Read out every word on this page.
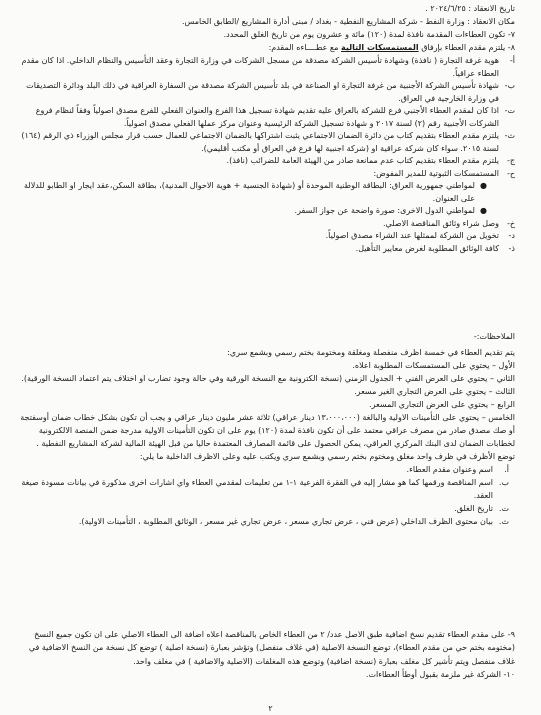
تاريخ الانعقاد : ٢٠٢٤/٦/٢٥ .
مكان الانعقاد : وزارة النفط - شركة المشاريع النفطية - بغداد / مبنى أدارة المشاريع /الطابق الخامس.
٧- تكون العطاءات المقدمة نافذة لمدة (١٢٠) مائة و عشرون يوم من تاريخ الغلق المحدد.
٨- يلتزم مقدم العطاء بإرفاق المستمسكات التالية مع عطــــاءه المقدم:
أ-
هوية غرفة التجارة ( نافذة) وشهادة تأسيس الشركة مصدقة من مسجل الشركات في وزارة التجارة وعقد التأسيس والنظام الداخلي. اذا كان مقدم العطاء عراقياً.
ب-
شهادة تأسيس الشركة الأجنبية من غرفة التجارة او الصناعة في بلد تأسيس الشركة مصدقة من السفارة العراقية في ذلك البلد ودائرة التصديقات في وزارة الخارجية في العراق.
ت-
اذا كان لمقدم العطاء الأجنبي فرع للشركة بالعراق عليه تقديم شهادة تسجيل هذا الفرع والعنوان الفعلي للفرع مصدق اصولياً وفقاً لنظام فروع الشركات الأجنبية رقم (٢) لسنة ٢٠١٧ و شهادة تسجيل الشركة الرئيسية وعنوان مركز عملها الفعلي مصدق اصولياً.
ث-
يلتزم مقدم العطاء بتقديم كتاب من دائرة الضمان الاجتماعي يثبت اشتراكها بالضمان الاجتماعي للعمال حسب قرار مجلس الوزراء ذي الرقم (١٦٤) لسنة ٢٠١٥. سواء كان شركة عراقية او (شركة اجنبية لها فرع في العراق أو مكتب أقليمي).
ج-
يلتزم مقدم العطاء بتقديم كتاب عدم ممانعة صادر من الهيئة العامة للضرائب (نافذ).
ح-
المستمسكات الثبوتية للمدير المفوض:
●
لمواطني جمهورية العراق: البطاقة الوطنية الموحدة أو (شهادة الجنسية + هوية الاحوال المدنية)، بطاقة السكن،عقد ايجار او الطابو للدلالة على العنوان.
●
لمواطني الدول الاخرى: صورة واضحة عن جواز السفر.
خ-
وصل شراء وثائق المناقصة الاصلي.
د-
تخويل من الشركة لممثلها عند الشراء مصدق اصولياً.
ذ-
كافة الوثائق المطلوبة لغرض معايير التأهيل.
الملاحظات:-

يتم تقديم العطاء في خمسة اظرف منفصلة ومغلقة ومختومة بختم رسمي وبشمع سري:

الأول – يحتوي على المستمسكات المطلوبة اعلاه.

الثاني – يحتوي على العرض الفني + الجدول الزمني (نسخة الكترونية مع النسخة الورقية وفي حالة وجود تضارب او اختلاف يتم اعتماد النسخة الورقية).

الثالث – يحتوي على العرض التجاري الغير مسعر.

الرابع – يحتوي على العرض التجاري المسعر.

الخامس – يحتوي على التأمينات الاولية والبالغة (١٣،٠٠٠،٠٠٠ دينار عراقي) ثلاثة عشر مليون دينار عراقي و يجب أن تكون بشكل خطاب ضمان أوسفتجة أو صك مصدق صادر من مصرف عراقي معتمد على أن تكون نافذة لمدة (١٢٠) يوم على ان تكون التأمينات الاولية مدرجة ضمن المنصة الالكترونية لخطابات الضمان لدى البنك المركزي العراقي، يمكن الحصول على قائمة المصارف المعتمدة حاليا من قبل الهيئة المالية لشركة المشاريع النفطية .

توضع الأظرف في ظرف واحد مغلق ومختوم بختم رسمي وبشمع سري ويكتب عليه وعلى الاظرف الداخلية ما يلي:

أ.
اسم وعنوان مقدم العطاء.
ب.
اسم المناقصة ورقمها كما هو مشار إليه في الفقرة الفرعية ١-١ من تعليمات لمقدمي العطاء واي اشارات اخرى مذكورة في بيانات مسودة صيغة العقد.
ت.
تاريخ الغلق.
ث.
بيان محتوى الظرف الداخلي (عرض فني ، عرض تجاري مسعر ، عرض تجاري غير مسعر ، الوثائق المطلوبة ، التأمينات الاولية).

٩- على مقدم العطاء تقديم نسخ اضافية طبق الاصل عدد/ ٢ من العطاء الخاص بالمناقصة اعلاه اضافة الى العطاء الاصلي على ان تكون جميع النسخ (مختومه بختم حي من مقدم العطاء)، توضع النسخة الاصلية (في غلاف منفصل) وتؤشر بعبارة (نسخة اصلية ) توضع كل نسخة من النسخ الاضافية في غلاف منفصل ويتم تأشير كل مغلف بعبارة (نسخة اضافية) وتوضع هذه المغلفات (الاصلية والاضافية ) في مغلف واحد.

١٠- الشركة غير ملزمة بقبول أوطأ العطاءات.

٢
